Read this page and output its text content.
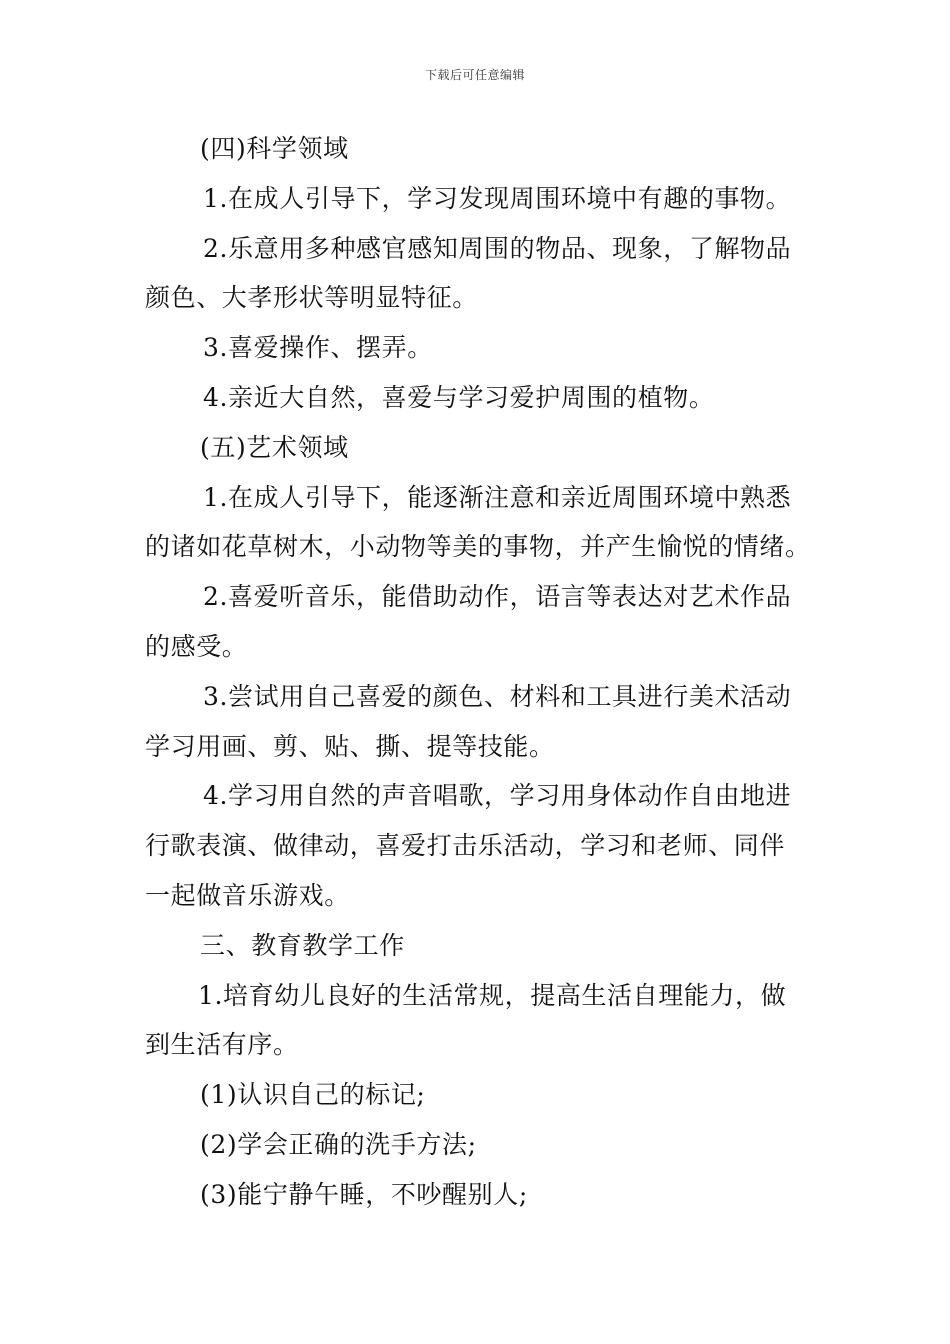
下载后可任意编辑
(四)科学领域
1.在成人引导下，学习发现周围环境中有趣的事物。
2.乐意用多种感官感知周围的物品、现象，了解物品
颜色、大孝形状等明显特征。
3.喜爱操作、摆弄。
4.亲近大自然，喜爱与学习爱护周围的植物。
(五)艺术领域
1.在成人引导下，能逐渐注意和亲近周围环境中熟悉
的诸如花草树木，小动物等美的事物，并产生愉悦的情绪。
2.喜爱听音乐，能借助动作，语言等表达对艺术作品
的感受。
3.尝试用自己喜爱的颜色、材料和工具进行美术活动
学习用画、剪、贴、撕、提等技能。
4.学习用自然的声音唱歌，学习用身体动作自由地进
行歌表演、做律动，喜爱打击乐活动，学习和老师、同伴
一起做音乐游戏。
三、教育教学工作
1.培育幼儿良好的生活常规，提高生活自理能力，做
到生活有序。
(1)认识自己的标记;
(2)学会正确的洗手方法;
(3)能宁静午睡，不吵醒别人;
